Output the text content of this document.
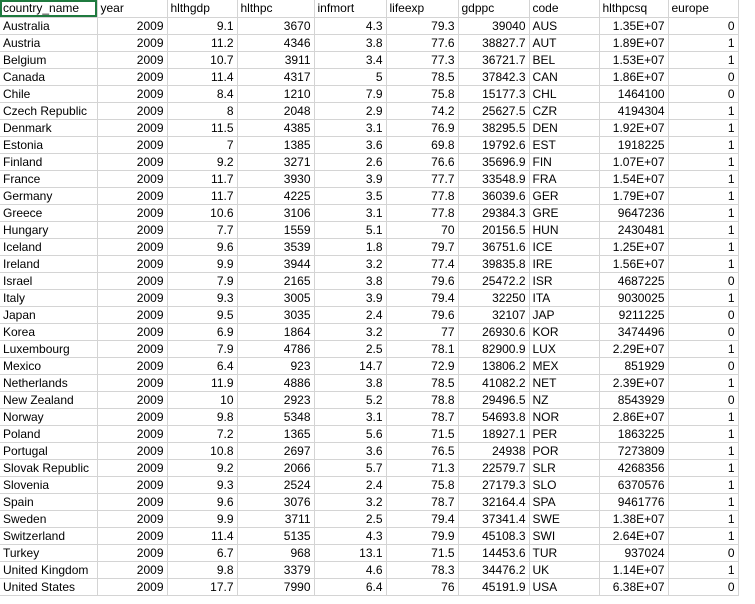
country_name	year	hlthgdp	hlthpc	infmort	lifeexp	gdppc	code	hlthpcsq	europe
Australia	2009	9.1	3670	4.3	79.3	39040	AUS	1.35E+07	0
Austria	2009	11.2	4346	3.8	77.6	38827.7	AUT	1.89E+07	1
Belgium	2009	10.7	3911	3.4	77.3	36721.7	BEL	1.53E+07	1
Canada	2009	11.4	4317	5	78.5	37842.3	CAN	1.86E+07	0
Chile	2009	8.4	1210	7.9	75.8	15177.3	CHL	1464100	0
Czech Republic	2009	8	2048	2.9	74.2	25627.5	CZR	4194304	1
Denmark	2009	11.5	4385	3.1	76.9	38295.5	DEN	1.92E+07	1
Estonia	2009	7	1385	3.6	69.8	19792.6	EST	1918225	1
Finland	2009	9.2	3271	2.6	76.6	35696.9	FIN	1.07E+07	1
France	2009	11.7	3930	3.9	77.7	33548.9	FRA	1.54E+07	1
Germany	2009	11.7	4225	3.5	77.8	36039.6	GER	1.79E+07	1
Greece	2009	10.6	3106	3.1	77.8	29384.3	GRE	9647236	1
Hungary	2009	7.7	1559	5.1	70	20156.5	HUN	2430481	1
Iceland	2009	9.6	3539	1.8	79.7	36751.6	ICE	1.25E+07	1
Ireland	2009	9.9	3944	3.2	77.4	39835.8	IRE	1.56E+07	1
Israel	2009	7.9	2165	3.8	79.6	25472.2	ISR	4687225	0
Italy	2009	9.3	3005	3.9	79.4	32250	ITA	9030025	1
Japan	2009	9.5	3035	2.4	79.6	32107	JAP	9211225	0
Korea	2009	6.9	1864	3.2	77	26930.6	KOR	3474496	0
Luxembourg	2009	7.9	4786	2.5	78.1	82900.9	LUX	2.29E+07	1
Mexico	2009	6.4	923	14.7	72.9	13806.2	MEX	851929	0
Netherlands	2009	11.9	4886	3.8	78.5	41082.2	NET	2.39E+07	1
New Zealand	2009	10	2923	5.2	78.8	29496.5	NZ	8543929	0
Norway	2009	9.8	5348	3.1	78.7	54693.8	NOR	2.86E+07	1
Poland	2009	7.2	1365	5.6	71.5	18927.1	PER	1863225	1
Portugal	2009	10.8	2697	3.6	76.5	24938	POR	7273809	1
Slovak Republic	2009	9.2	2066	5.7	71.3	22579.7	SLR	4268356	1
Slovenia	2009	9.3	2524	2.4	75.8	27179.3	SLO	6370576	1
Spain	2009	9.6	3076	3.2	78.7	32164.4	SPA	9461776	1
Sweden	2009	9.9	3711	2.5	79.4	37341.4	SWE	1.38E+07	1
Switzerland	2009	11.4	5135	4.3	79.9	45108.3	SWI	2.64E+07	1
Turkey	2009	6.7	968	13.1	71.5	14453.6	TUR	937024	0
United Kingdom	2009	9.8	3379	4.6	78.3	34476.2	UK	1.14E+07	1
United States	2009	17.7	7990	6.4	76	45191.9	USA	6.38E+07	0
